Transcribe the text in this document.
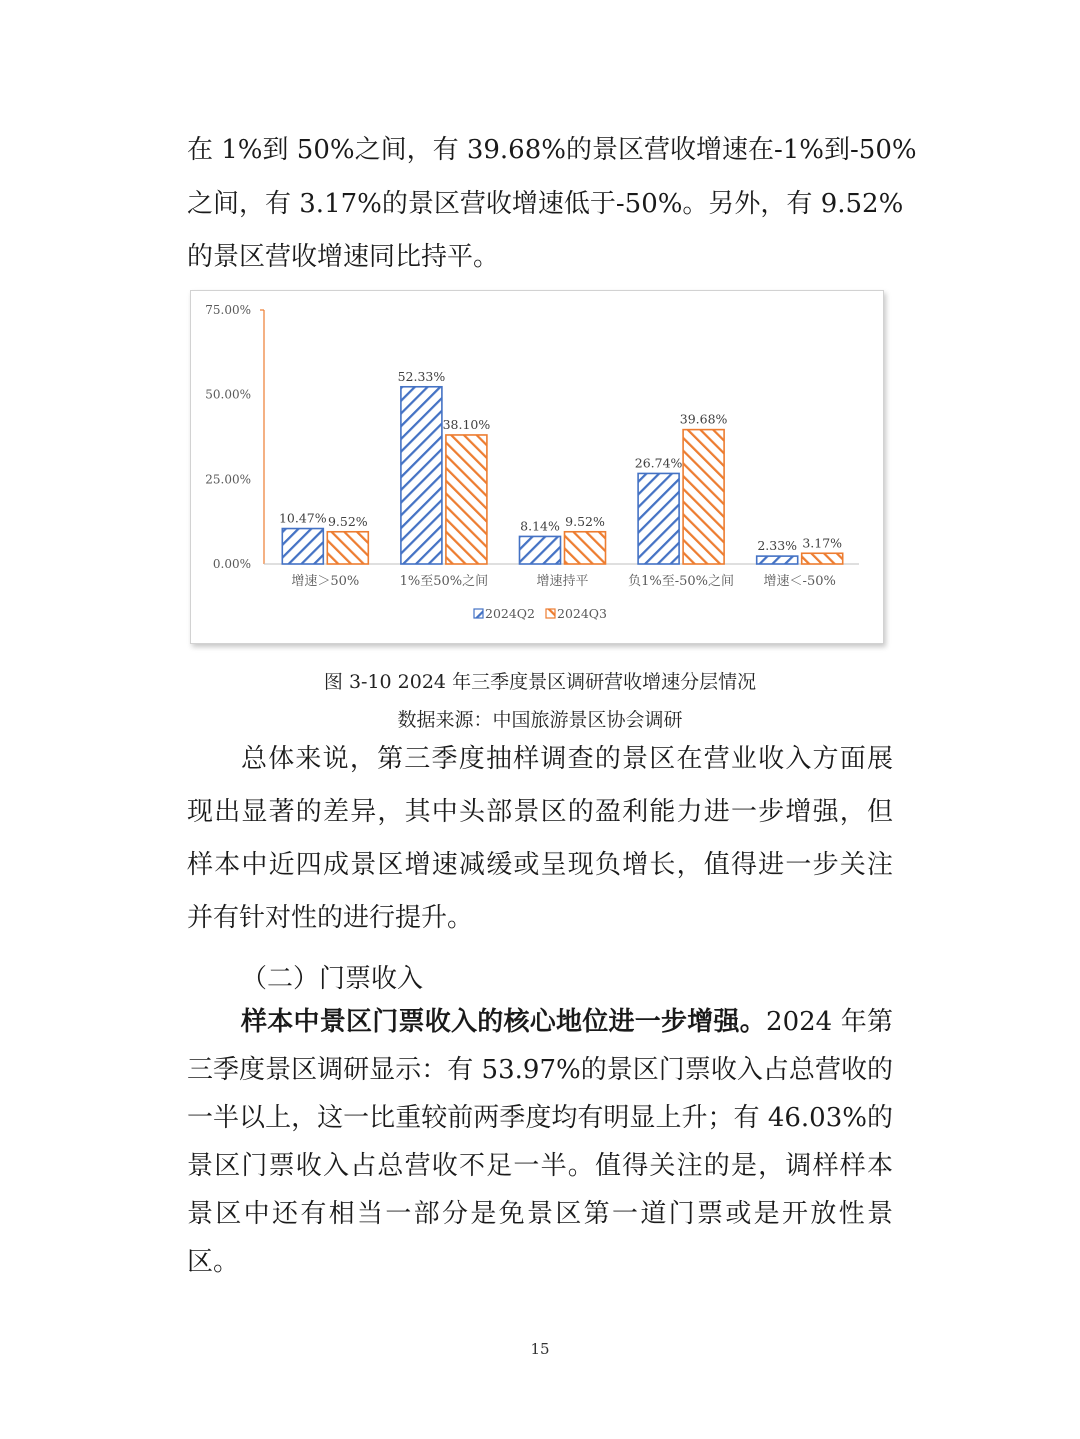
在 1%到 50%之间，有 39.68%的景区营收增速在-1%到-50%
之间，有 3.17%的景区营收增速低于-50%。另外，有 9.52%
的景区营收增速同比持平。
0.00%
25.00%
50.00%
75.00%
10.47% 9.52%
增速＞50%
52.33%
38.10%
1%至50%之间
8.14% 9.52%
增速持平
26.74%
39.68%
负1%至-50%之间
2.33% 3.17%
增速＜-50%
2024Q2 2024Q3
图 3-10 2024 年三季度景区调研营收增速分层情况
数据来源：中国旅游景区协会调研
总体来说，第三季度抽样调查的景区在营业收入方面展
现出显著的差异，其中头部景区的盈利能力进一步增强，但
样本中近四成景区增速减缓或呈现负增长，值得进一步关注
并有针对性的进行提升。
（二）门票收入
样本中景区门票收入的核心地位进一步增强。2024 年第
三季度景区调研显示：有 53.97%的景区门票收入占总营收的
一半以上，这一比重较前两季度均有明显上升；有 46.03%的
景区门票收入占总营收不足一半。值得关注的是，调样样本
景区中还有相当一部分是免景区第一道门票或是开放性景
区。
15
